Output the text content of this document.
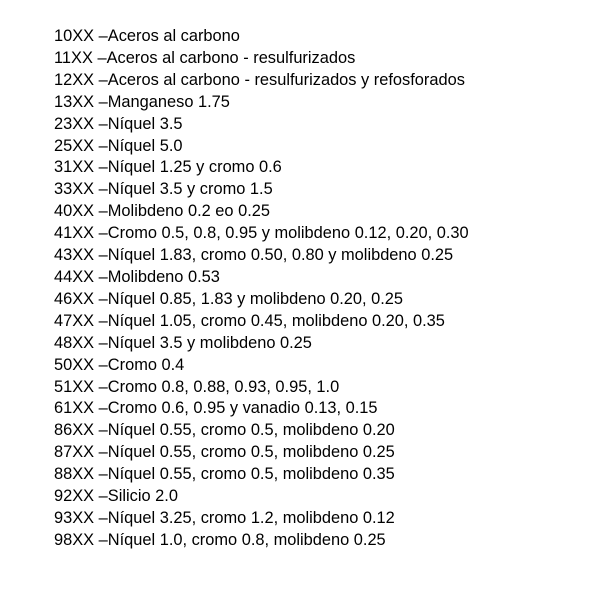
10XX – Aceros al carbono
11XX – Aceros al carbono - resulfurizados
12XX – Aceros al carbono - resulfurizados y refosforados
13XX – Manganeso 1.75
23XX – Níquel 3.5
25XX – Níquel 5.0
31XX – Níquel 1.25 y cromo 0.6
33XX – Níquel 3.5 y cromo 1.5
40XX – Molibdeno 0.2 eo 0.25
41XX – Cromo 0.5, 0.8, 0.95 y molibdeno 0.12, 0.20, 0.30
43XX – Níquel 1.83, cromo 0.50, 0.80 y molibdeno 0.25
44XX – Molibdeno 0.53
46XX – Níquel 0.85, 1.83 y molibdeno 0.20, 0.25
47XX – Níquel 1.05, cromo 0.45, molibdeno 0.20, 0.35
48XX – Níquel 3.5 y molibdeno 0.25
50XX – Cromo 0.4
51XX – Cromo 0.8, 0.88, 0.93, 0.95, 1.0
61XX – Cromo 0.6, 0.95 y vanadio 0.13, 0.15
86XX – Níquel 0.55, cromo 0.5, molibdeno 0.20
87XX – Níquel 0.55, cromo 0.5, molibdeno 0.25
88XX – Níquel 0.55, cromo 0.5, molibdeno 0.35
92XX – Silicio 2.0
93XX – Níquel 3.25, cromo 1.2, molibdeno 0.12
98XX – Níquel 1.0, cromo 0.8, molibdeno 0.25
